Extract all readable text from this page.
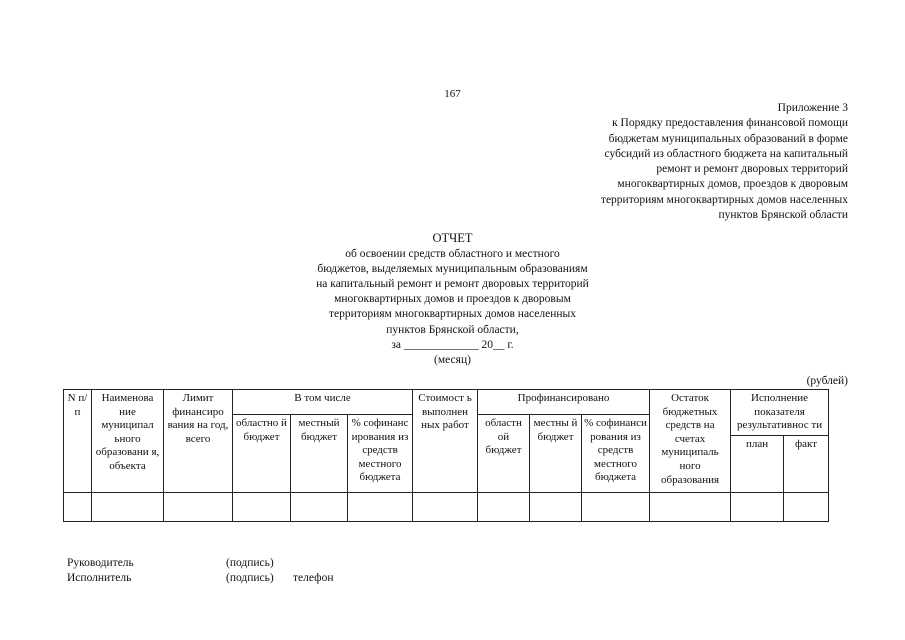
167
Приложение 3
к Порядку предоставления финансовой помощи
бюджетам муниципальных образований в форме
субсидий из областного бюджета на капитальный
ремонт и ремонт дворовых территорий
многоквартирных домов, проездов к дворовым
территориям многоквартирных домов населенных
пунктов Брянской области
ОТЧЕТ
об освоении средств областного и местного
бюджетов, выделяемых муниципальным образованиям
на капитальный ремонт и ремонт дворовых территорий
многоквартирных домов и проездов к дворовым
территориям многоквартирных домов населенных
пунктов Брянской области,
за _____________ 20__ г.
(месяц)
(рублей)
N п/п	Наименова ние муниципал ьного образовани я, объекта	Лимит финансиро вания на год, всего	В том числе			Стоимост ь выполнен ных работ	Профинансировано			Остаток бюджетных средств на счетах муниципаль ного образования	Исполнение показателя результативнос ти	
			областно й бюджет	местный бюджет	% софинанс ирования из средств местного бюджета		областн ой бюджет	местны й бюджет	% софинанси рования из средств местного бюджета			
											план	факт

Руководитель	(подпись)
Исполнитель	(подпись) телефон
